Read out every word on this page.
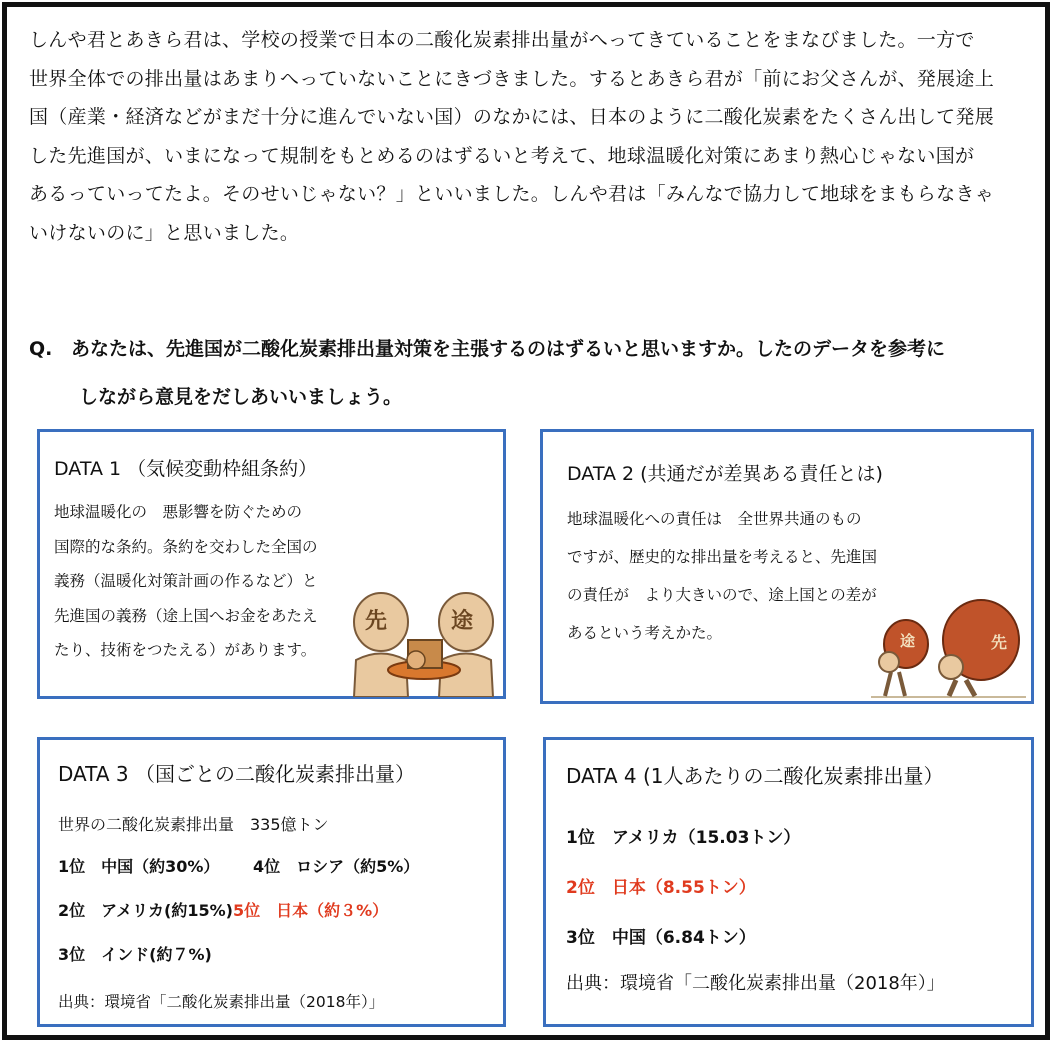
しんや君とあきら君は、学校の授業で日本の二酸化炭素排出量がへってきていることをまなびました。一方で

世界全体での排出量はあまりへっていないことにきづきました。するとあきら君が「前にお父さんが、発展途上

国（産業・経済などがまだ十分に進んでいない国）のなかには、日本のように二酸化炭素をたくさん出して発展

した先進国が、いまになって規制をもとめるのはずるいと考えて、地球温暖化対策にあまり熱心じゃない国が

あるっていってたよ。そのせいじゃない？」といいました。しんや君は「みんなで協力して地球をまもらなきゃ

いけないのに」と思いました。

Q. あなたは、先進国が二酸化炭素排出量対策を主張するのはずるいと思いますか。したのデータを参考に
しながら意見をだしあいいましょう。
DATA 1 （気候変動枠組条約）

地球温暖化の　悪影響を防ぐための

国際的な条約。条約を交わした全国の

義務（温暖化対策計画の作るなど）と

先進国の義務（途上国へお金をあたえ

たり、技術をつたえる）があります。

先	途
DATA 2 (共通だが差異ある責任とは)

地球温暖化への責任は　全世界共通のもの

ですが、歴史的な排出量を考えると、先進国

の責任が　より大きいので、途上国との差が

あるという考えかた。	途	先
DATA 3 （国ごとの二酸化炭素排出量）

世界の二酸化炭素排出量　335億トン

1位　中国（約30%） 4位　ロシア（約5%）
2位　アメリカ(約15%)5位　日本（約３%）
3位　インド(約７%)

出典：環境省「二酸化炭素排出量（2018年）」

DATA 4 (1人あたりの二酸化炭素排出量）
1位　アメリカ（15.03トン）
2位　日本（8.55トン）
3位　中国（6.84トン）

出典：環境省「二酸化炭素排出量（2018年）」
